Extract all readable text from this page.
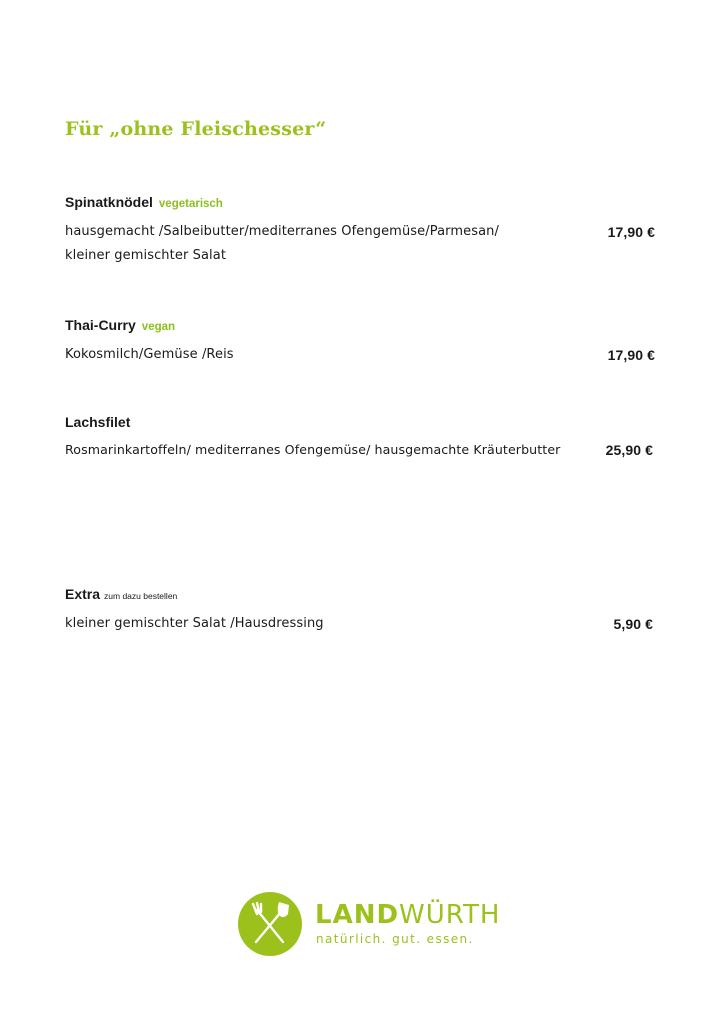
Für „ohne Fleischesser“
Spinatknödel vegetarisch
hausgemacht /Salbeibutter/mediterranes Ofengemüse/Parmesan/
kleiner gemischter Salat
17,90 €
Thai-Curry vegan
Kokosmilch/Gemüse /Reis	17,90 €
Lachsfilet
Rosmarinkartoffeln/ mediterranes Ofengemüse/ hausgemachte Kräuterbutter	25,90 €
Extra zum dazu bestellen
kleiner gemischter Salat /Hausdressing	5,90 €
LANDWÜRTH
natürlich. gut. essen.
